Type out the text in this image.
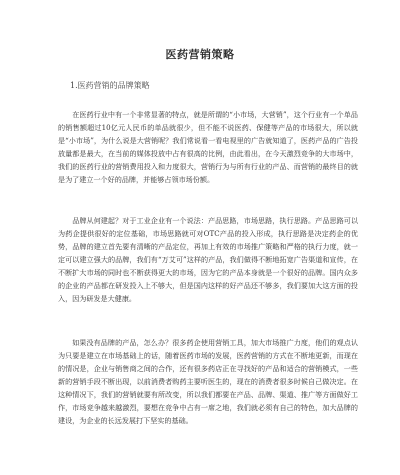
医药营销策略
1.医药营销的品牌策略
在医药行业中有一个非常显著的特点，就是所谓的“小市场，大营销”，这个行业有一个单品的销售额超过10亿元人民币的单品就很少，但不能不说医药、保健等产品的市场很大，所以就是“小市场”，为什么说是大营销呢？我们常说看一看电视里的广告就知道了，医药产品的广告投放量都是最大，在当前的媒体投放中占有很高的比例，由此看出，在今天激烈竞争的大市场中，我们的医药行业的营销费用投入和力度很大，营销行为与所有行业的产品、而营销的最终目的就是为了建立一个好的品牌，并能够占领市场份额。
品牌从何建起？对于工业企业有一个说法：产品思路，市场思路，执行思路。产品思路可以为药企提供很好的定位基础，市场思路就可对OTC产品的投入形成，执行思路是决定药企的优势，品牌的建立首先要有清晰的产品定位，再加上有效的市场推广策略和严格的执行力度，就一定可以建立强大的品牌，我们有“万艾可”这样的产品，我们做得不断地拓宽广告渠道和宣传，在不断扩大市场的同时也不断获得更大的市场，因为它的产品本身就是一个很好的品牌。国内众多的企业的产品都在研发投入上不够大，但是国内这样的好产品还不够多，我们要加大这方面的投入，因为研发是大健康。
如果没有品牌的产品，怎么办？很多药企使用营销工具，加大市场推广力度，他们的观点认为只要是建立在市场基础上的话，随着医药市场的发展，医药营销的方式在不断地更新，而现在的情况是，企业与销售商之间的合作，还有很多药店正在寻找好的产品和适合的营销模式，一些新的营销手段不断出现，以前消费者购药主要听医生的，现在的消费者很多时候自己做决定。在这种情况下，我们的营销就要有所改变，所以我们都要在产品、品牌、渠道、推广等方面做好工作，市场竞争越来越激烈，要想在竞争中占有一席之地，我们就必须有自己的特色，加大品牌的建设，为企业的长远发展打下坚实的基础。
